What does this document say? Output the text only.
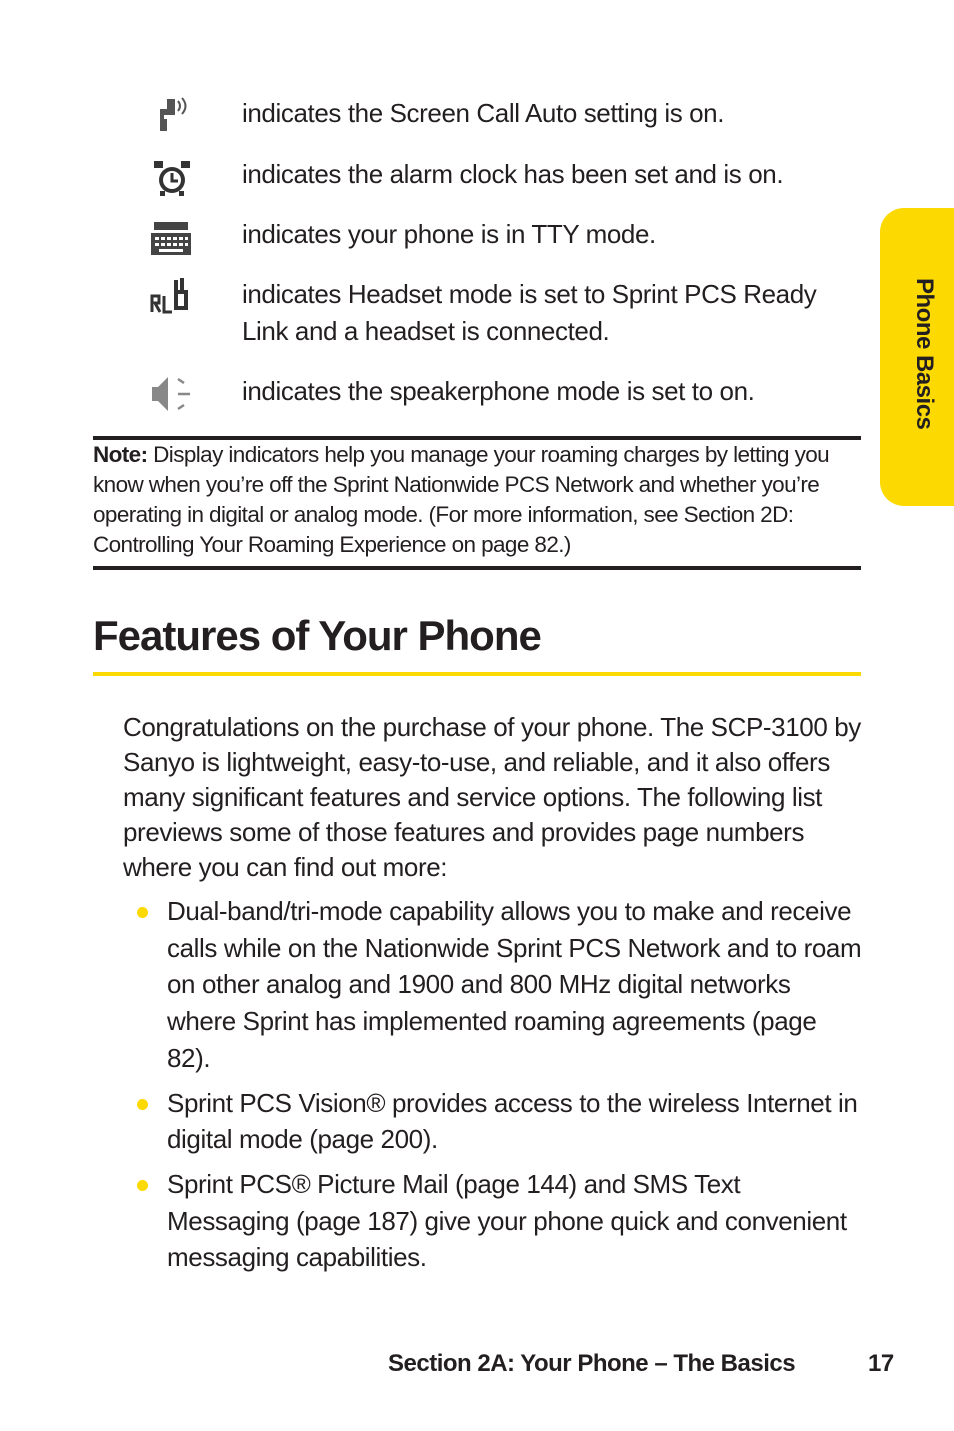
indicates the Screen Call Auto setting is on.
indicates the alarm clock has been set and is on.
indicates your phone is in TTY mode.
indicates Headset mode is set to Sprint PCS Ready Link and a headset is connected.
indicates the speakerphone mode is set to on.
Note: Display indicators help you manage your roaming charges by letting you know when you’re off the Sprint Nationwide PCS Network and whether you’re operating in digital or analog mode. (For more information, see Section 2D: Controlling Your Roaming Experience on page 82.)
Features of Your Phone

Congratulations on the purchase of your phone. The SCP-3100 by Sanyo is lightweight, easy-to-use, and reliable, and it also offers many significant features and service options. The following list previews some of those features and provides page numbers where you can find out more:

Dual-band/tri-mode capability allows you to make and receive calls while on the Nationwide Sprint PCS Network and to roam on other analog and 1900 and 800 MHz digital networks where Sprint has implemented roaming agreements (page 82).
Sprint PCS Vision® provides access to the wireless Internet in digital mode (page 200).
Sprint PCS® Picture Mail (page 144) and SMS Text Messaging (page 187) give your phone quick and convenient messaging capabilities.
Phone Basics
Section 2A: Your Phone – The Basics	17
